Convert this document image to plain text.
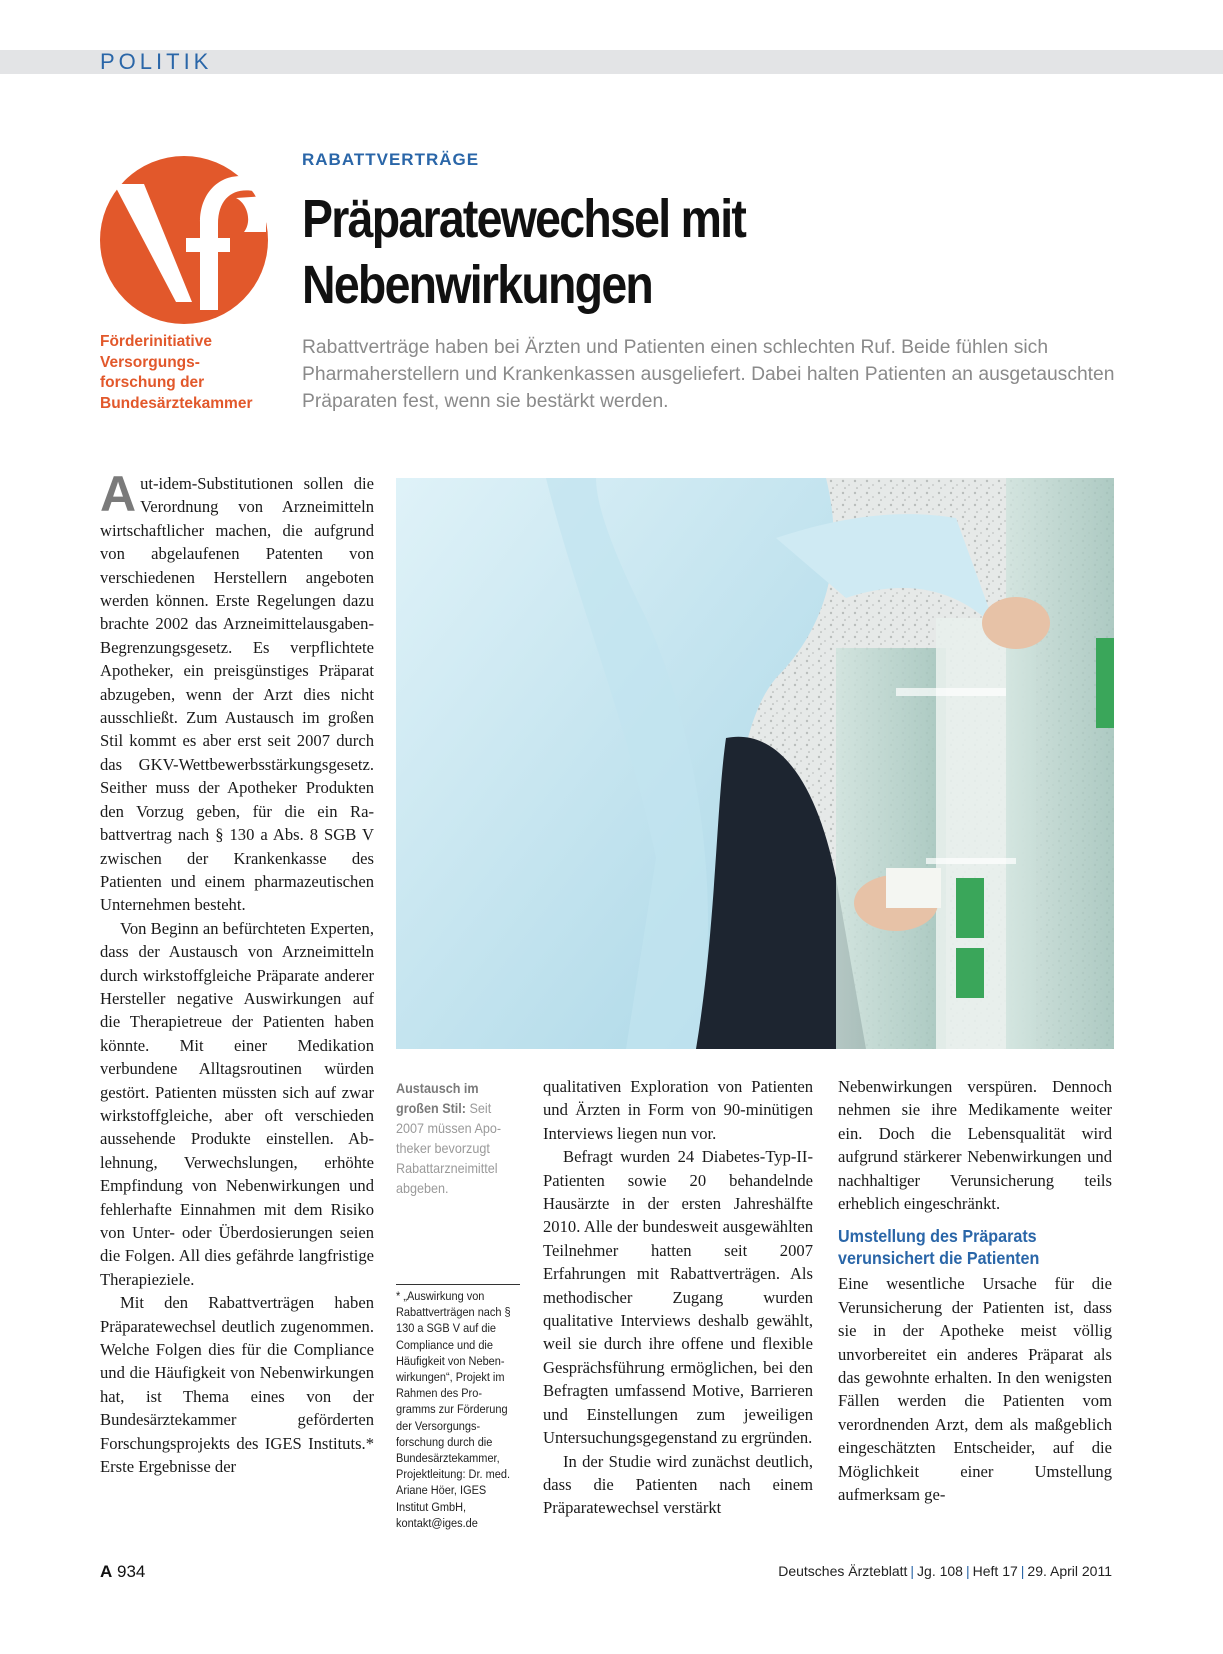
POLITIK
Förderinitiative
Versorgungs-
forschung der
Bundesärztekammer
RABATTVERTRÄGE
Präparatewechsel mit
Nebenwirkungen
Rabattverträge haben bei Ärzten und Patienten einen schlechten Ruf. Beide fühlen sich Pharmaherstellern und Krankenkassen ausgeliefert. Dabei halten Patienten an ausgetauschten Präparaten fest, wenn sie bestärkt werden.

Aut-idem-Substitutionen sollen die Verordnung von Arzneimitteln wirtschaftlicher machen, die aufgrund von abgelaufenen Patenten von verschiedenen Herstellern angeboten werden können. Erste Regelungen dazu brachte 2002 das Arzneimittelausgaben-Begrenzungsgesetz. Es verpflichtete Apotheker, ein preisgünstiges Präparat abzugeben, wenn der Arzt dies nicht ausschließt. Zum Austausch im großen Stil kommt es aber erst seit 2007 durch das GKV-Wettbewerbsstärkungsgesetz. Seither muss der Apotheker Produkten den Vorzug geben, für die ein Rabattvertrag nach § 130 a Abs. 8 SGB V zwischen der Krankenkasse des Patienten und einem pharmazeutischen Unternehmen besteht.

Von Beginn an befürchteten Experten, dass der Austausch von Arzneimitteln durch wirkstoffgleiche Präparate anderer Hersteller negative Auswirkungen auf die Therapietreue der Patienten haben könnte. Mit einer Medikation verbundene Alltagsroutinen würden gestört. Patienten müssten sich auf zwar wirkstoffgleiche, aber oft verschieden aussehende Produkte einstellen. Ablehnung, Verwechslungen, erhöhte Empfindung von Nebenwirkungen und fehlerhafte Einnahmen mit dem Risiko von Unter- oder Überdosierungen seien die Folgen. All dies gefährde langfristige Therapieziele.

Mit den Rabattverträgen haben Präparatewechsel deutlich zugenommen. Welche Folgen dies für die Compliance und die Häufigkeit von Nebenwirkungen hat, ist Thema eines von der Bundesärztekammer geförderten Forschungsprojekts des IGES Instituts.* Erste Ergebnisse der

Austausch im großen Stil: Seit 2007 müssen Apotheker bevorzugt Rabattarzneimittel abgeben.
* „Auswirkung von Rabattverträgen nach § 130 a SGB V auf die Compliance und die Häufigkeit von Nebenwirkungen“, Projekt im Rahmen des Programms zur Förderung der Versorgungsforschung durch die Bundesärztekammer, Projektleitung: Dr. med. Ariane Höer, IGES Institut GmbH, kontakt@iges.de

qualitativen Exploration von Patienten und Ärzten in Form von 90-minütigen Interviews liegen nun vor.

Befragt wurden 24 Diabetes-Typ-II-Patienten sowie 20 behandelnde Hausärzte in der ersten Jahreshälfte 2010. Alle der bundesweit ausgewählten Teilnehmer hatten seit 2007 Erfahrungen mit Rabattverträgen. Als methodischer Zugang wurden qualitative Interviews deshalb gewählt, weil sie durch ihre offene und flexible Gesprächsführung ermöglichen, bei den Befragten umfassend Motive, Barrieren und Einstellungen zum jeweiligen Untersuchungsgegenstand zu ergründen.

In der Studie wird zunächst deutlich, dass die Patienten nach einem Präparatewechsel verstärkt

Nebenwirkungen verspüren. Dennoch nehmen sie ihre Medikamente weiter ein. Doch die Lebensqualität wird aufgrund stärkerer Nebenwirkungen und nachhaltiger Verunsicherung teils erheblich eingeschränkt.

Umstellung des Präparats
verunsichert die Patienten

Eine wesentliche Ursache für die Verunsicherung der Patienten ist, dass sie in der Apotheke meist völlig unvorbereitet ein anderes Präparat als das gewohnte erhalten. In den wenigsten Fällen werden die Patienten vom verordnenden Arzt, dem als maßgeblich eingeschätzten Entscheider, auf die Möglichkeit einer Umstellung aufmerksam ge-

A 934	Deutsches Ärzteblatt | Jg. 108 | Heft 17 | 29. April 2011
